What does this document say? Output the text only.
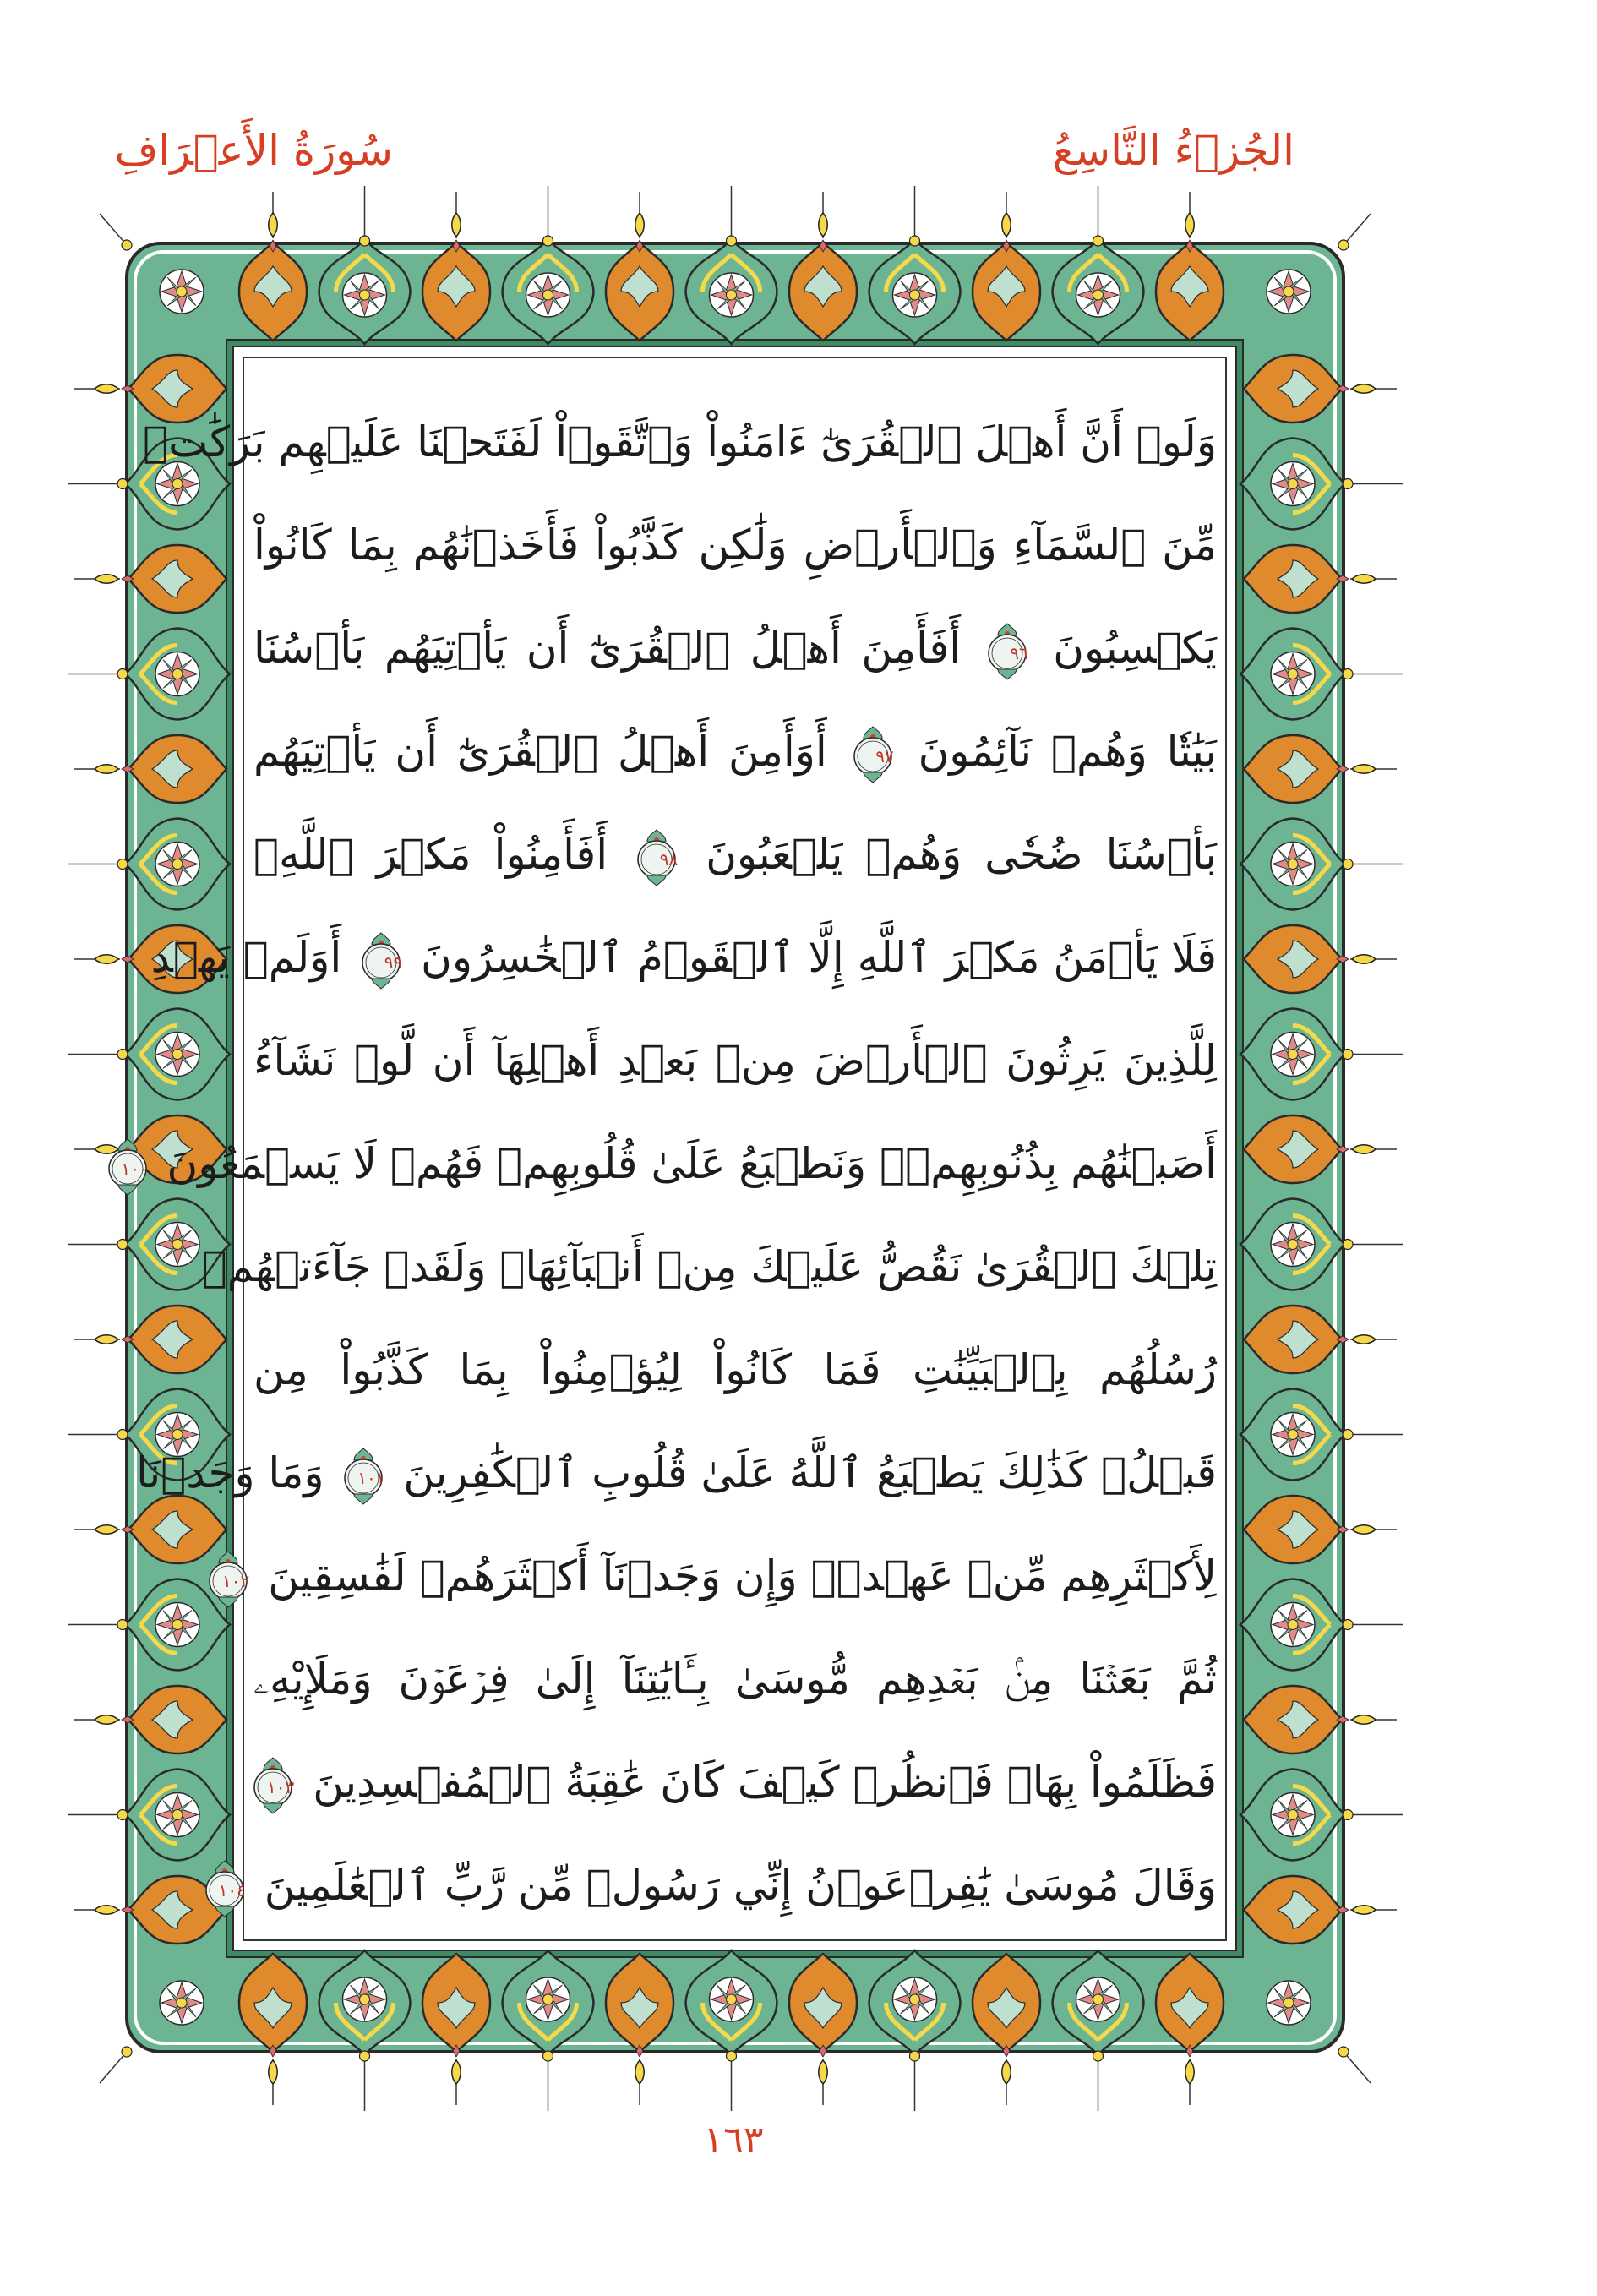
سُورَةُ الأَعۡرَافِ	الجُزۡءُ التَّاسِعُ
وَلَوۡ أَنَّ أَهۡلَ ٱلۡقُرَىٰٓ ءَامَنُواْ وَٱتَّقَوۡاْ لَفَتَحۡنَا عَلَيۡهِم بَرَكَٰتٖ
مِّنَ ٱلسَّمَآءِ وَٱلۡأَرۡضِ وَلَٰكِن كَذَّبُواْ فَأَخَذۡنَٰهُم بِمَا كَانُواْ
يَكۡسِبُونَ
٩٦
أَفَأَمِنَ أَهۡلُ ٱلۡقُرَىٰٓ أَن يَأۡتِيَهُم بَأۡسُنَا
بَيَٰتٗا وَهُمۡ نَآئِمُونَ
٩٧
أَوَأَمِنَ أَهۡلُ ٱلۡقُرَىٰٓ أَن يَأۡتِيَهُم
بَأۡسُنَا ضُحٗى وَهُمۡ يَلۡعَبُونَ
٩٨
أَفَأَمِنُواْ مَكۡرَ ٱللَّهِۚ
فَلَا يَأۡمَنُ مَكۡرَ ٱللَّهِ إِلَّا ٱلۡقَوۡمُ ٱلۡخَٰسِرُونَ
٩٩
أَوَلَمۡ يَهۡدِ
لِلَّذِينَ يَرِثُونَ ٱلۡأَرۡضَ مِنۢ بَعۡدِ أَهۡلِهَآ أَن لَّوۡ نَشَآءُ
أَصَبۡنَٰهُم بِذُنُوبِهِمۡۚ وَنَطۡبَعُ عَلَىٰ قُلُوبِهِمۡ فَهُمۡ لَا يَسۡمَعُونَ
١٠٠
تِلۡكَ ٱلۡقُرَىٰ نَقُصُّ عَلَيۡكَ مِنۡ أَنۢبَآئِهَاۚ وَلَقَدۡ جَآءَتۡهُمۡ
رُسُلُهُم بِٱلۡبَيِّنَٰتِ فَمَا كَانُواْ لِيُؤۡمِنُواْ بِمَا كَذَّبُواْ مِن
قَبۡلُۚ كَذَٰلِكَ يَطۡبَعُ ٱللَّهُ عَلَىٰ قُلُوبِ ٱلۡكَٰفِرِينَ
١٠١
وَمَا وَجَدۡنَا
لِأَكۡثَرِهِم مِّنۡ عَهۡدٖۖ وَإِن وَجَدۡنَآ أَكۡثَرَهُمۡ لَفَٰسِقِينَ
١٠٢
ثُمَّ بَعَثۡنَا مِنۢ بَعۡدِهِم مُّوسَىٰ بِـَٔايَٰتِنَآ إِلَىٰ فِرۡعَوۡنَ وَمَلَإِيْهِۦ
فَظَلَمُواْ بِهَاۖ فَٱنظُرۡ كَيۡفَ كَانَ عَٰقِبَةُ ٱلۡمُفۡسِدِينَ
١٠٣
وَقَالَ مُوسَىٰ يَٰفِرۡعَوۡنُ إِنِّي رَسُولٞ مِّن رَّبِّ ٱلۡعَٰلَمِينَ
١٠٤
١٦٣
